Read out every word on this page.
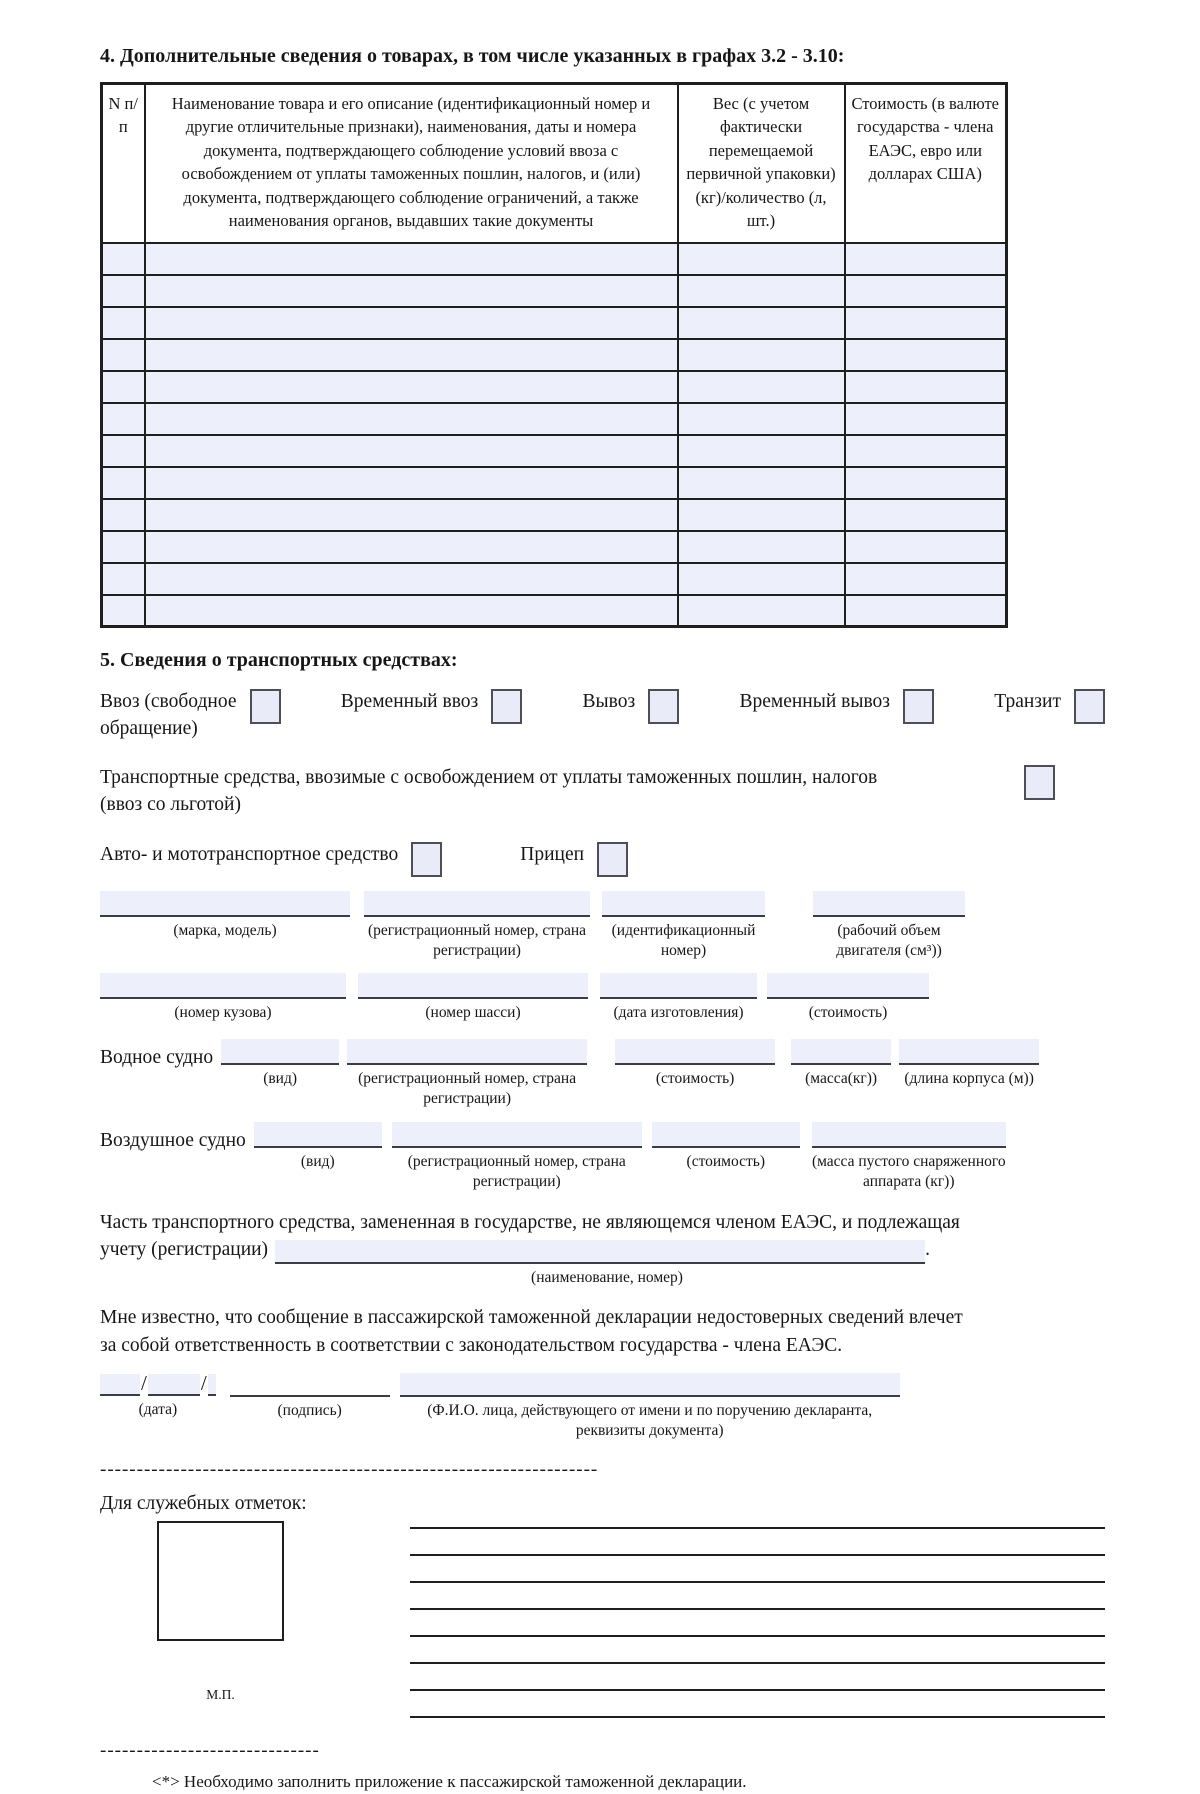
4. Дополнительные сведения о товарах, в том числе указанных в графах 3.2 - 3.10:
N п/п	Наименование товара и его описание (идентификационный номер и другие отличительные признаки), наименования, даты и номера документа, подтверждающего соблюдение условий ввоза с освобождением от уплаты таможенных пошлин, налогов, и (или) документа, подтверждающего соблюдение ограничений, а также наименования органов, выдавших такие документы	Вес (с учетом фактически перемещаемой первичной упаковки) (кг)/количество (л, шт.)	Стоимость (в валюте государства - члена ЕАЭС, евро или долларах США)

5. Сведения о транспортных средствах:
Ввоз (свободное
обращение)
Временный ввоз	Вывоз	Временный вывоз	Транзит
Транспортные средства, ввозимые с освобождением от уплаты таможенных пошлин, налогов
(ввоз со льготой)
Авто- и мототранспортное средство	Прицеп
(марка, модель)	(регистрационный номер, страна регистрации)
(идентификационный номер)
(рабочий объем двигателя (см³))
(номер кузова)	(номер шасси)	(дата изготовления)	(стоимость)
Водное судно
(вид)	(регистрационный номер, страна регистрации)
(стоимость)	(масса(кг))	(длина корпуса (м))
Воздушное судно
(вид)	(регистрационный номер, страна регистрации)
(стоимость)	(масса пустого снаряженного аппарата (кг))
Часть транспортного средства, замененная в государстве, не являющемся членом ЕАЭС, и подлежащая
учету (регистрации)	.
(наименование, номер)
Мне известно, что сообщение в пассажирской таможенной декларации недостоверных сведений влечет
за собой ответственность в соответствии с законодательством государства - члена ЕАЭС.
/	/
(дата)	(подпись)	(Ф.И.О. лица, действующего от имени и по поручению декларанта,
реквизиты документа)
--------------------------------------------------------------------
Для служебных отметок:
М.П.
------------------------------
<*> Необходимо заполнить приложение к пассажирской таможенной декларации.
